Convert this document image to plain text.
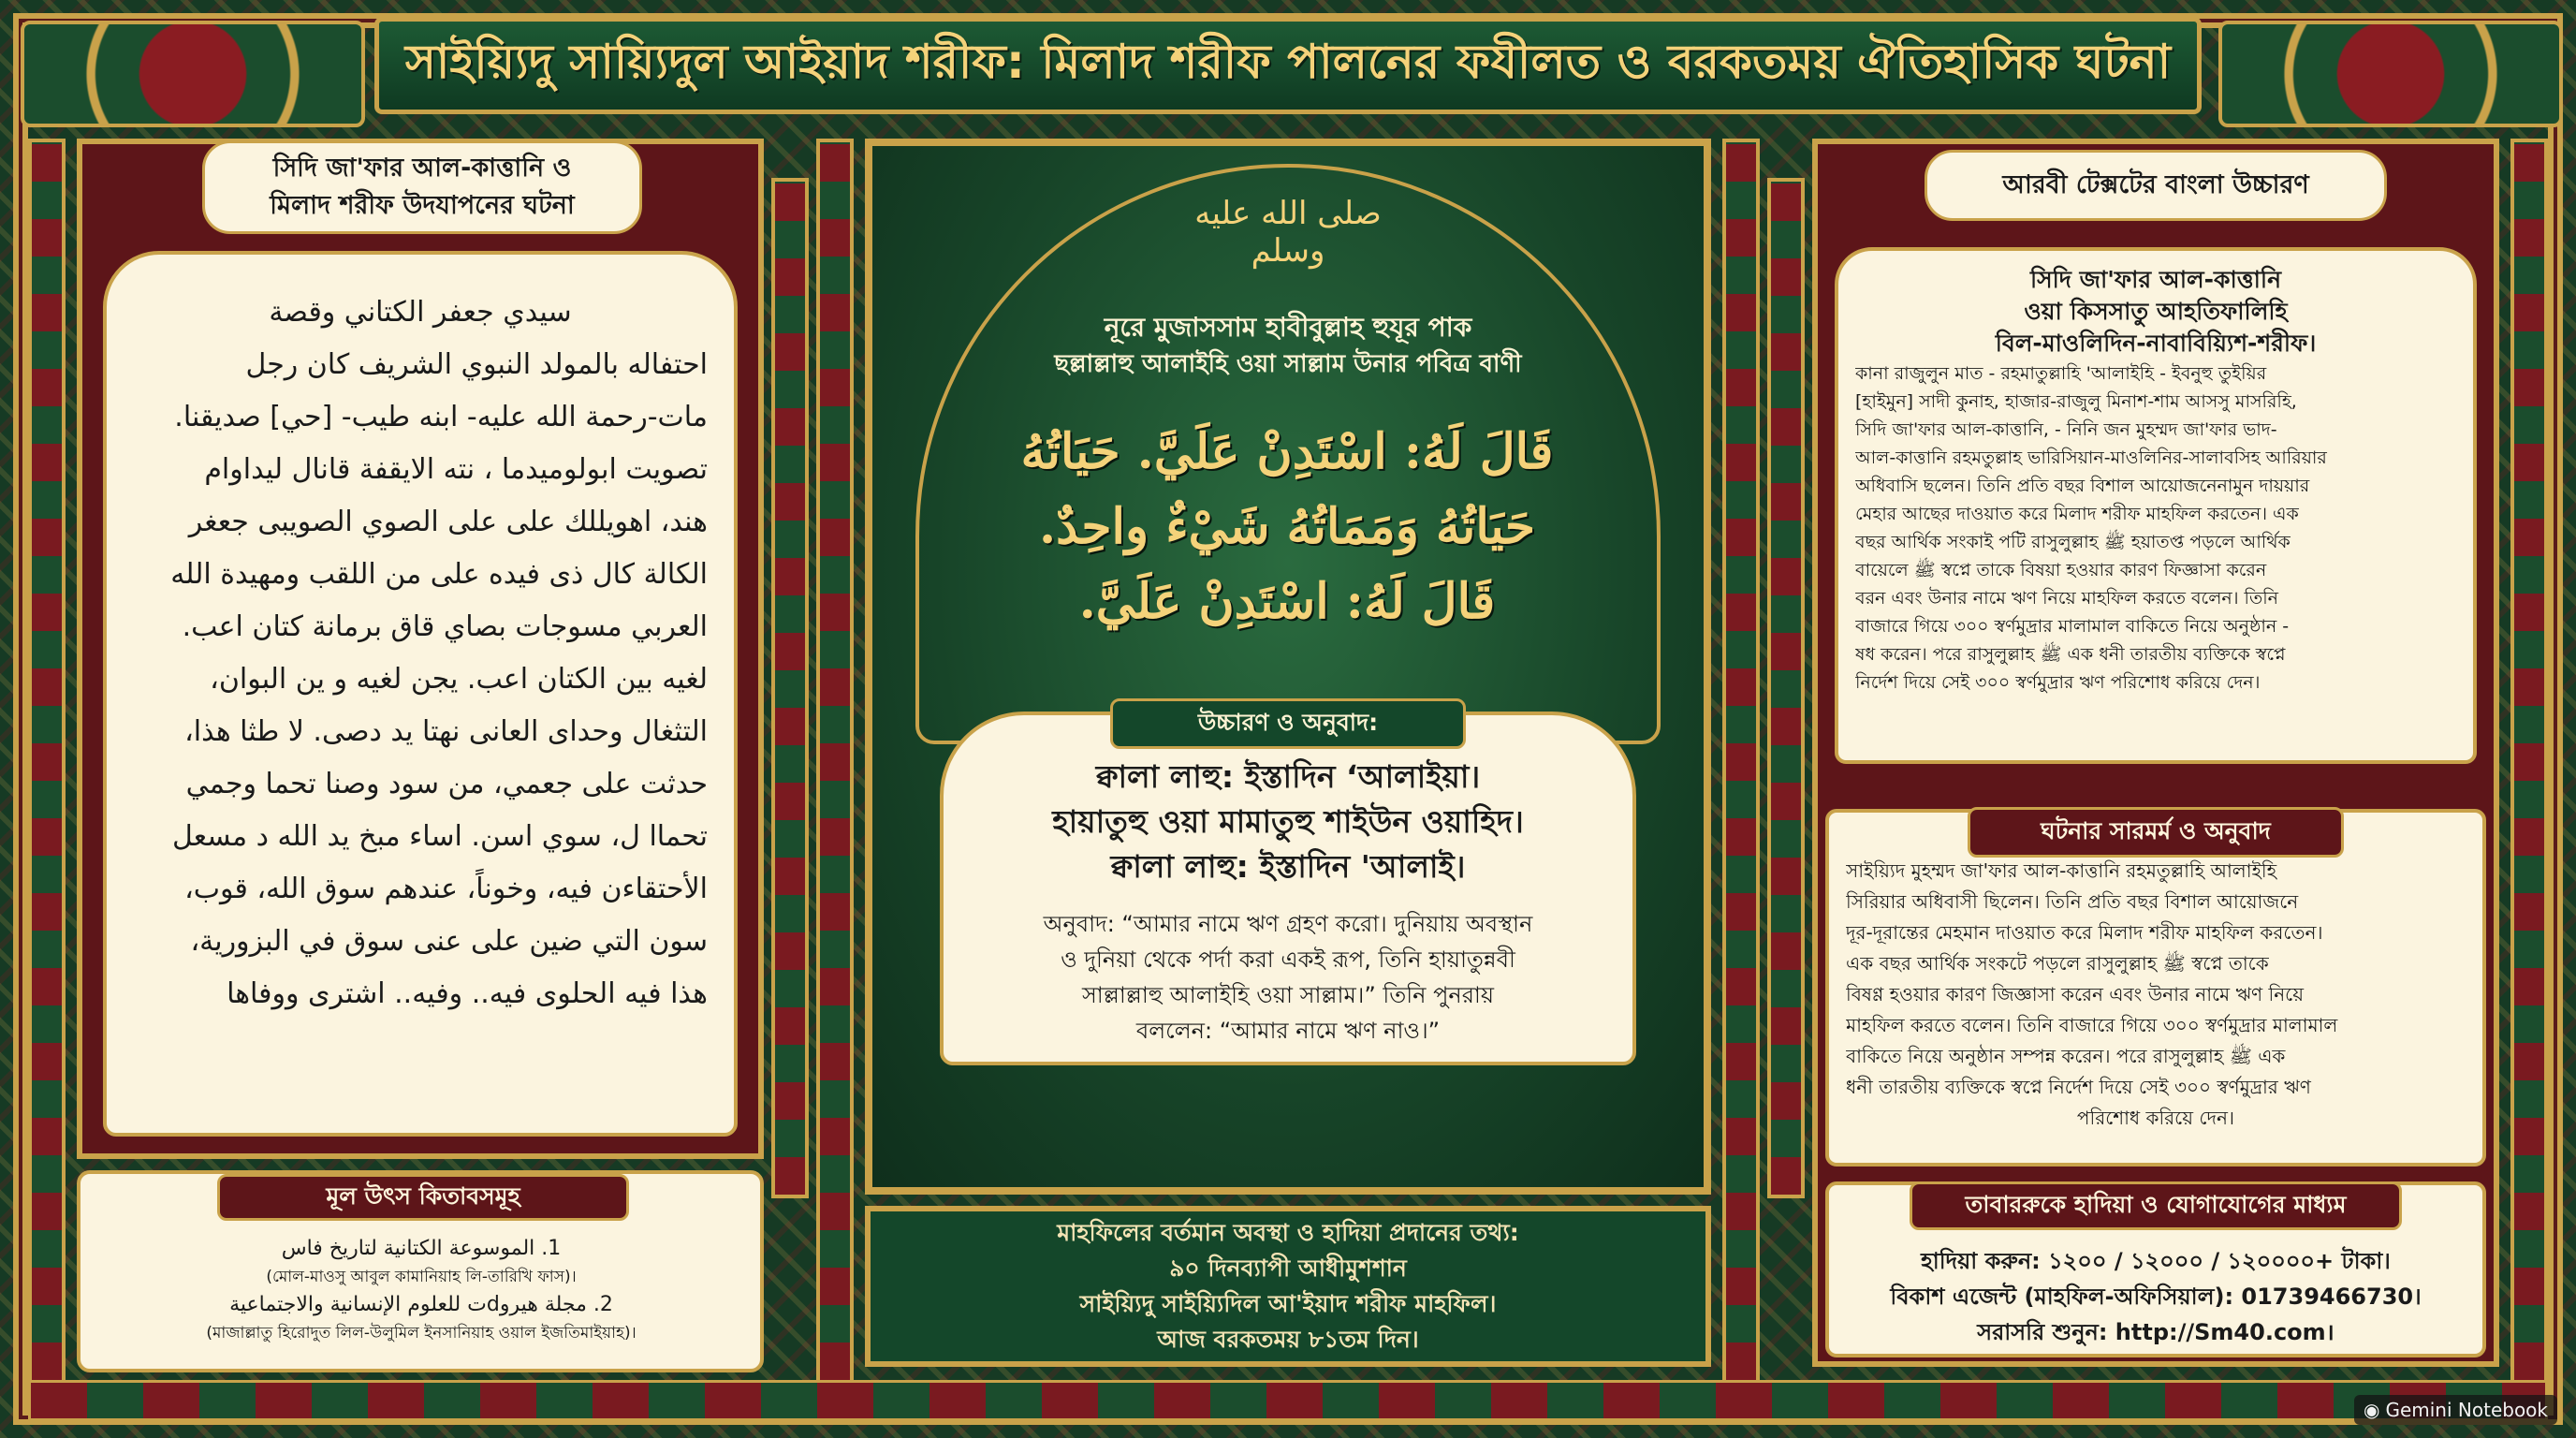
সাইয়্যিদু সায়্যিদুল আইয়াদ শরীফ: মিলাদ শরীফ পালনের ফযীলত ও বরকতময় ঐতিহাসিক ঘটনা
সিদি জা'ফার আল-কাত্তানি ও
মিলাদ শরীফ উদযাপনের ঘটনা
سيدي جعفر الكتاني وقصة
احتفاله بالمولد النبوي الشريف كان رجل
مات-رحمة الله عليه- ابنه طيب- [حي] صديقنا.
تصويت ابولوميدما ، نته الايقفة قانال ليداوام
هند، اهويللك على على الصوي الصويبى جعغر
الكالة كال ذى فيده على من اللقب ومهيدة الله
العربي مسوجات بصاي قاق برمانة كتان اعب.
لغيه بين الكتان اعب. يجن لغيه و ين البوان،
التثغال وحداى العانى نهتا يد دصى. لا طثا هذا،
حدثت على جعمي، من سود وصنا تحما وجمي
تحماا ل، سوي اسن. اساء مبخ يد الله د مسعل
الأحتقاءن فيه، وخوناً، عندهم سوق الله، قوب،
سون التي ضين على عنى سوق في البزورية،
هذا فيه الحلوى فيه.. وفيه.. اشترى ووفاها
মূল উৎস কিতাবসমূহ
1. الموسوعة الكتانية لتاريخ فاس
(মোল-মাওসু আবুল কামানিয়াহ লি-তারিখি ফাস)।
2. مجلة هيروdت للعلوم الإنسانية والاجتماعية
(মাজাল্লাতু হিরোদুত লিল-উলুমিল ইনসানিয়াহ ওয়াল ইজতিমাইয়াহ)।
صلى الله عليه وسلم
নূরে মুজাসসাম হাবীবুল্লাহ হুযূর পাক
ছল্লাল্লাহু আলাইহি ওয়া সাল্লাম উনার পবিত্র বাণী
قَالَ لَهُ: اسْتَدِنْ عَلَيَّ. حَيَاتُهُ
حَيَاتُهُ وَمَمَاتُهُ شَيْءٌ واحِدٌ.
قَالَ لَهُ: اسْتَدِنْ عَلَيَّ.
উচ্চারণ ও অনুবাদ:
ক্বালা লাহু: ইস্তাদিন ‘আলাইয়া।
হায়াতুহু ওয়া মামাতুহু শাইউন ওয়াহিদ।
ক্বালা লাহু: ইস্তাদিন 'আলাই।
অনুবাদ: “আমার নামে ঋণ গ্রহণ করো। দুনিয়ায় অবস্থান
ও দুনিয়া থেকে পর্দা করা একই রূপ, তিনি হায়াতুন্নবী
সাল্লাল্লাহু আলাইহি ওয়া সাল্লাম।” তিনি পুনরায়
বললেন: “আমার নামে ঋণ নাও।”
মাহফিলের বর্তমান অবস্থা ও হাদিয়া প্রদানের তথ্য:
৯০ দিনব্যাপী আধীমুশশান
সাইয়্যিদু সাইয়্যিদিল আ'ইয়াদ শরীফ মাহফিল।
আজ বরকতময় ৮১তম দিন।
আরবী টেক্সটের বাংলা উচ্চারণ
সিদি জা'ফার আল-কাত্তানি
ওয়া কিসসাতু আহতিফালিহি
বিল-মাওলিদিন-নাবাবিয়্যিশ-শরীফ।
কানা রাজুলুন মাত - রহমাতুল্লাহি 'আলাইহি - ইবনুহু তুইয়ির
[হাইমুন] সাদী কুনাহ, হাজার-রাজুলু মিনাশ-শাম আসসু মাসরিহি,
সিদি জা'ফার আল-কাত্তানি, - নিনি জন মুহম্মদ জা'ফার ভাদ-
আল-কাত্তানি রহমতুল্লাহ ভারিসিয়ান-মাওলিনির-সালাবসিহ আরিয়ার
অধিবাসি ছলেন। তিনি প্রতি বছর বিশাল আয়োজনেনামুন দায়য়ার
মেহার আছের দাওয়াত করে মিলাদ শরীফ মাহফিল করতেন। এক
বছর আর্থিক সংকাই পটি রাসুলুল্লাহ ﷺ হয়াতপ্ত পড়লে আর্থিক
বায়েলে ﷺ স্বপ্নে তাকে বিষয়া হওয়ার কারণ ফিজ্ঞাসা করেন
বরন এবং উনার নামে ঋণ নিয়ে মাহফিল করতে বলেন। তিনি
বাজারে গিয়ে ৩০০ স্বর্ণমুদ্রার মালামাল বাকিতে নিয়ে অনুষ্ঠান -
ষধ করেন। পরে রাসুলুল্লাহ ﷺ এক ধনী তারতীয় ব্যক্তিকে স্বপ্নে
নির্দেশ দিয়ে সেই ৩০০ স্বর্ণমুদ্রার ঋণ পরিশোধ করিয়ে দেন।
সাইয়্যিদ মুহম্মদ জা'ফার আল-কাত্তানি রহমতুল্লাহি আলাইহি
সিরিয়ার অধিবাসী ছিলেন। তিনি প্রতি বছর বিশাল আয়োজনে
দূর-দূরান্তের মেহমান দাওয়াত করে মিলাদ শরীফ মাহফিল করতেন।
এক বছর আর্থিক সংকটে পড়লে রাসুলুল্লাহ ﷺ স্বপ্নে তাকে
বিষণ্ণ হওয়ার কারণ জিজ্ঞাসা করেন এবং উনার নামে ঋণ নিয়ে
মাহফিল করতে বলেন। তিনি বাজারে গিয়ে ৩০০ স্বর্ণমুদ্রার মালামাল
বাকিতে নিয়ে অনুষ্ঠান সম্পন্ন করেন। পরে রাসুলুল্লাহ ﷺ এক
ধনী তারতীয় ব্যক্তিকে স্বপ্নে নির্দেশ দিয়ে সেই ৩০০ স্বর্ণমুদ্রার ঋণ
পরিশোধ করিয়ে দেন।
ঘটনার সারমর্ম ও অনুবাদ
হাদিয়া করুন: ১২০০ / ১২০০০ / ১২০০০০+ টাকা।
বিকাশ এজেন্ট (মাহফিল-অফিসিয়াল): 01739466730।
সরাসরি শুনুন: http://Sm40.com।
তাবাররুকে হাদিয়া ও যোগাযোগের মাধ্যম
◉ Gemini Notebook
